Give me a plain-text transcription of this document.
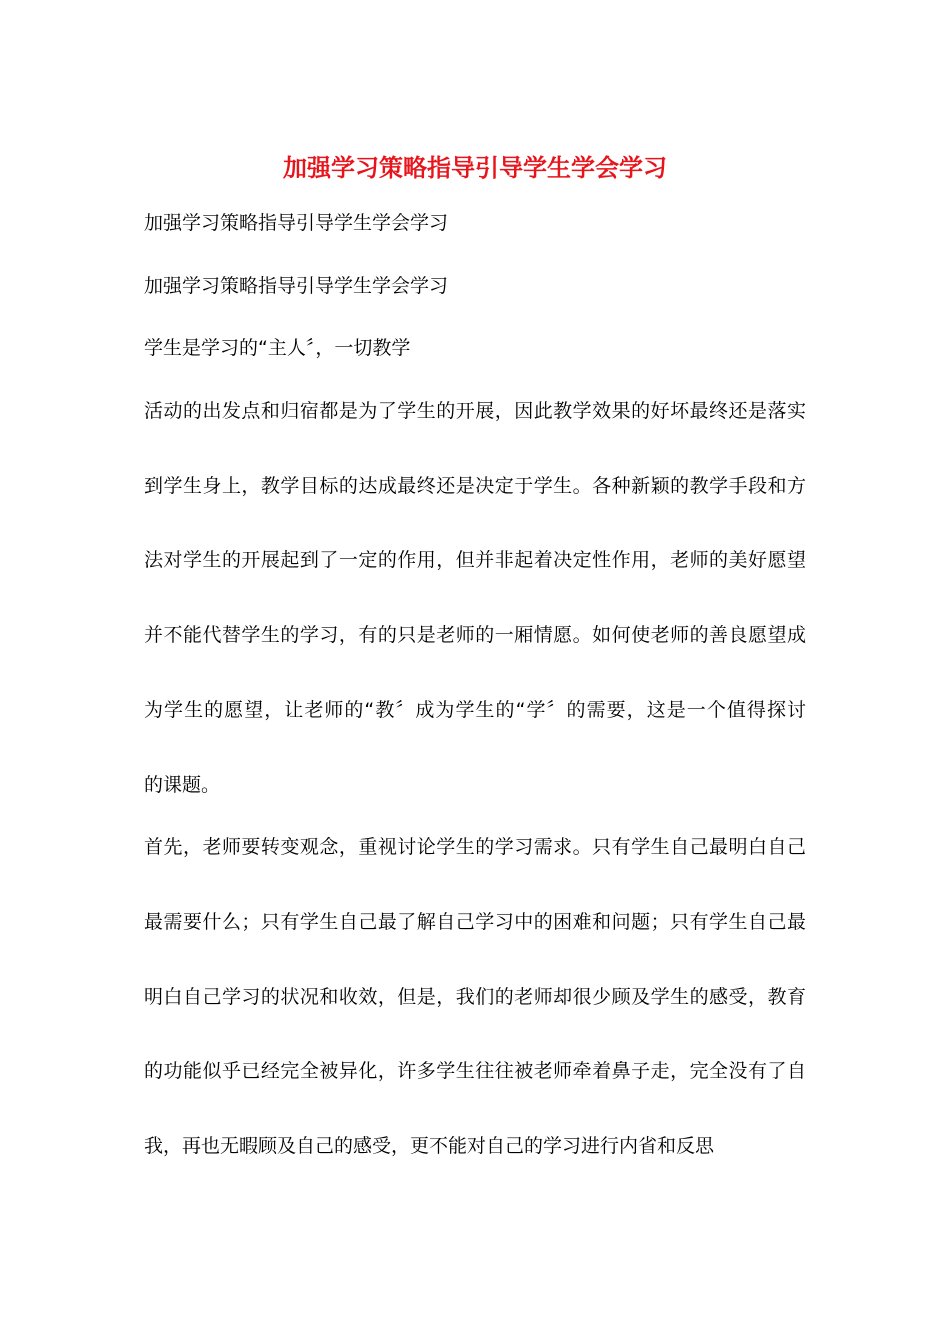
加强学习策略指导引导学生学会学习

加强学习策略指导引导学生学会学习

加强学习策略指导引导学生学会学习

学生是学习的“主人〞，一切教学

活动的出发点和归宿都是为了学生的开展，因此教学效果的好坏最终还是落实

到学生身上，教学目标的达成最终还是决定于学生。各种新颖的教学手段和方

法对学生的开展起到了一定的作用，但并非起着决定性作用，老师的美好愿望

并不能代替学生的学习，有的只是老师的一厢情愿。如何使老师的善良愿望成

为学生的愿望，让老师的“教〞成为学生的“学〞的需要，这是一个值得探讨

的课题。

首先，老师要转变观念，重视讨论学生的学习需求。只有学生自己最明白自己

最需要什么；只有学生自己最了解自己学习中的困难和问题；只有学生自己最

明白自己学习的状况和收效，但是，我们的老师却很少顾及学生的感受，教育

的功能似乎已经完全被异化，许多学生往往被老师牵着鼻子走，完全没有了自

我，再也无暇顾及自己的感受，更不能对自己的学习进行内省和反思
